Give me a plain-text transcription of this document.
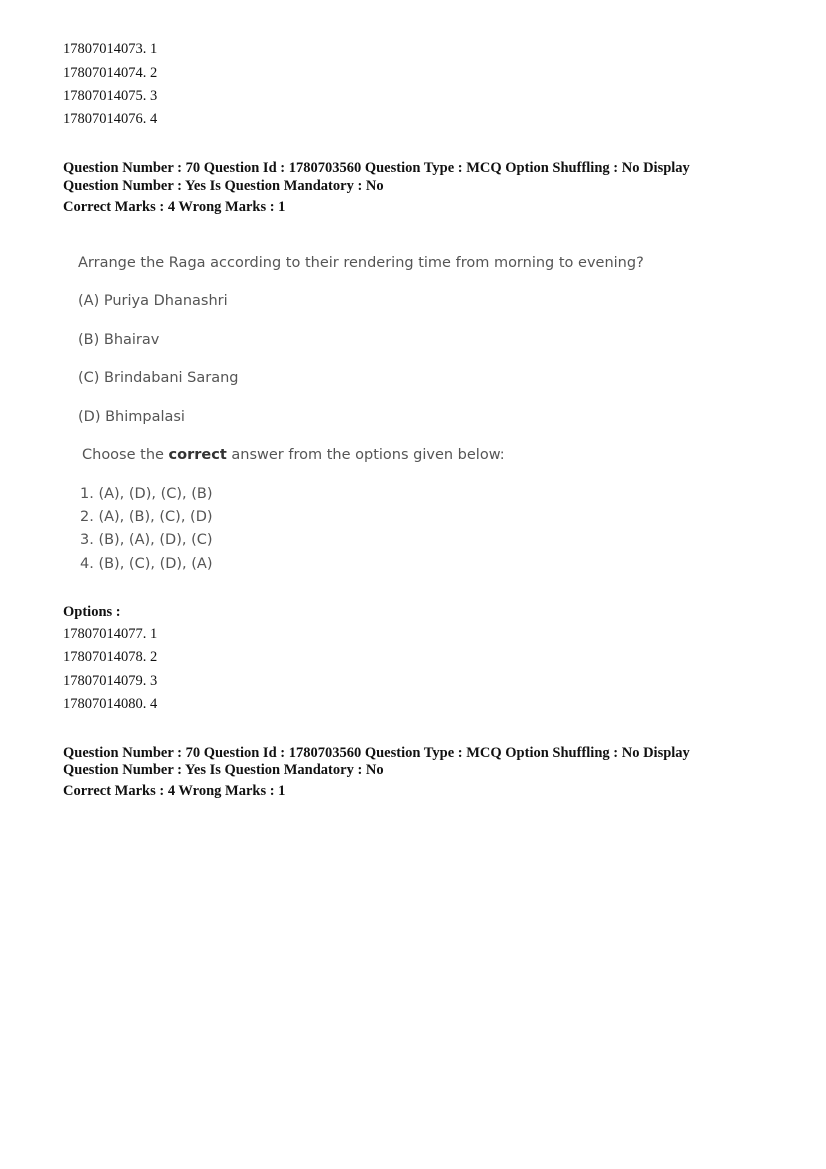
17807014073. 1
17807014074. 2
17807014075. 3
17807014076. 4
Question Number : 70 Question Id : 1780703560 Question Type : MCQ Option Shuffling : No Display
Question Number : Yes Is Question Mandatory : No
Correct Marks : 4 Wrong Marks : 1
Arrange the Raga according to their rendering time from morning to evening?
(A) Puriya Dhanashri
(B) Bhairav
(C) Brindabani Sarang
(D) Bhimpalasi
Choose the correct answer from the options given below:
1. (A), (D), (C), (B)
2. (A), (B), (C), (D)
3. (B), (A), (D), (C)
4. (B), (C), (D), (A)
Options :
17807014077. 1
17807014078. 2
17807014079. 3
17807014080. 4
Question Number : 70 Question Id : 1780703560 Question Type : MCQ Option Shuffling : No Display
Question Number : Yes Is Question Mandatory : No
Correct Marks : 4 Wrong Marks : 1
